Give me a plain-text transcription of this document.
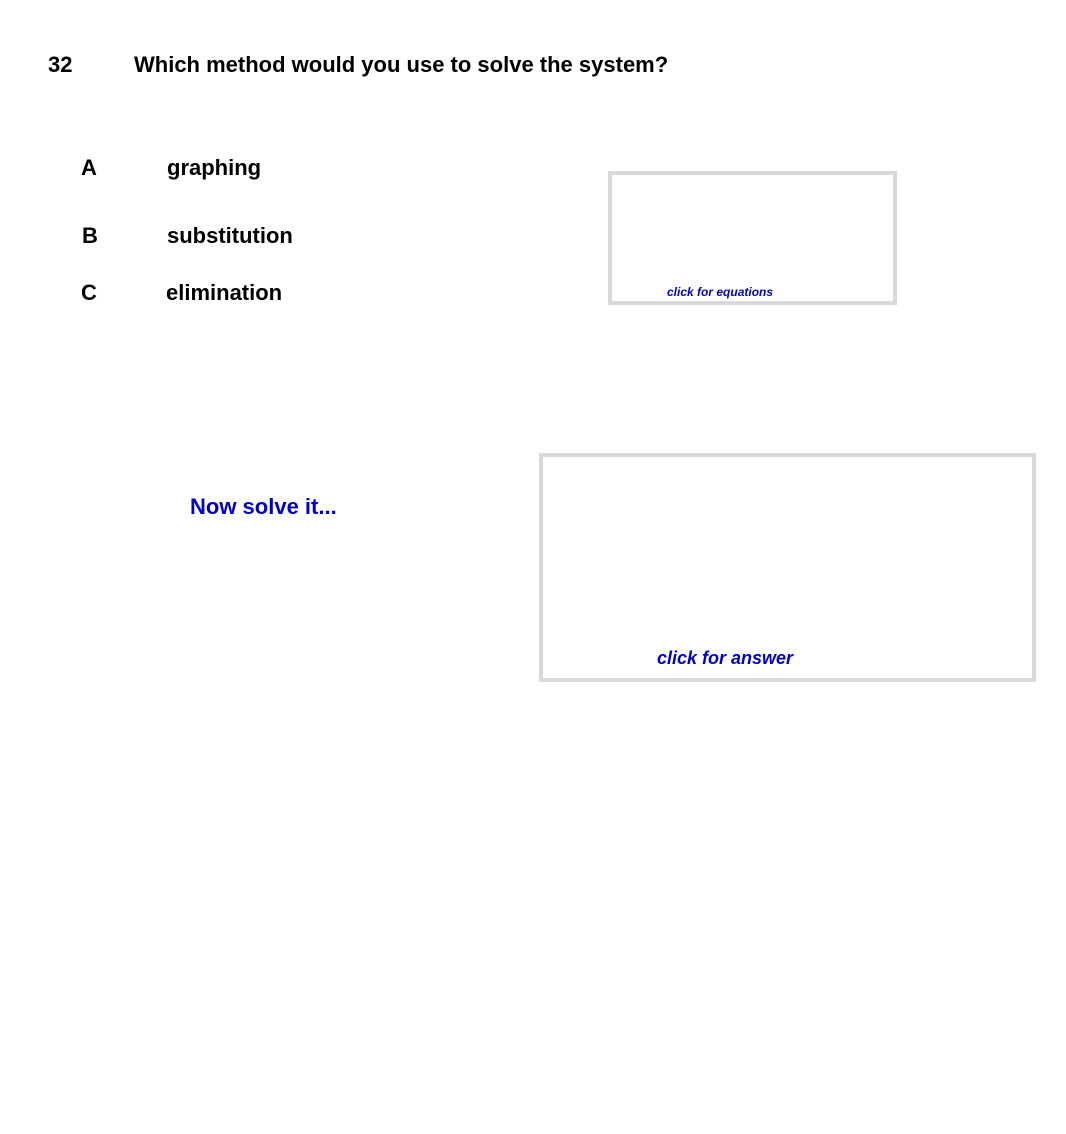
32	Which method would you use to solve the system?
A	graphing
B	substitution
C	elimination	click for equations
Now solve it...
click for answer
